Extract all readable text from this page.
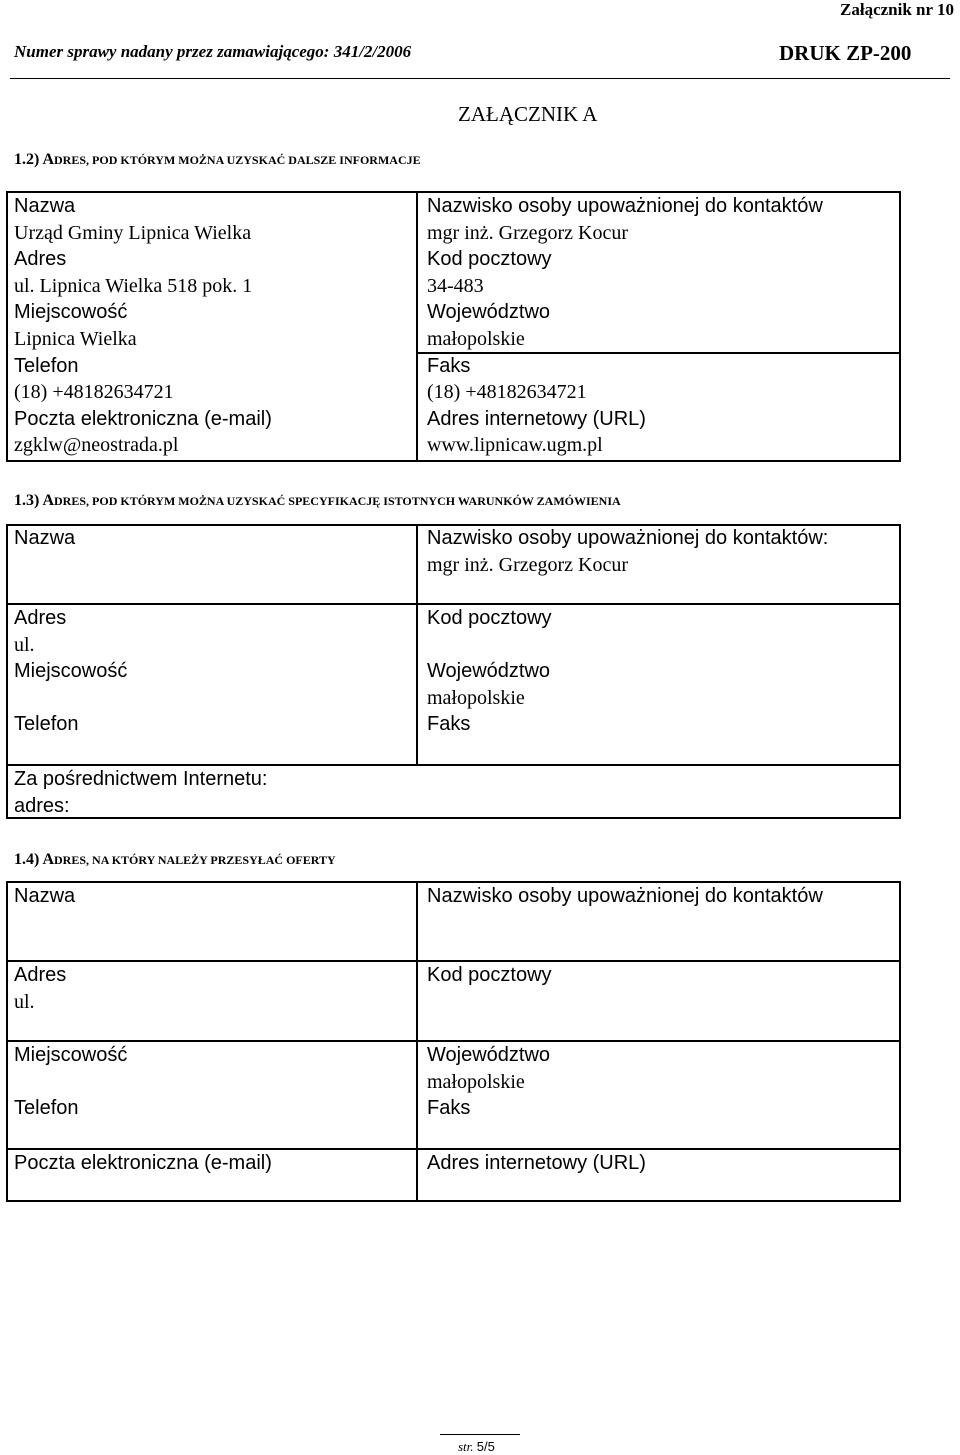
Załącznik nr 10
Numer sprawy nadany przez zamawiającego: 341/2/2006	DRUK ZP-200
ZAŁĄCZNIK A
1.2) ADRES, POD KTÓRYM MOŻNA UZYSKAĆ DALSZE INFORMACJE
Nazwa
Urząd Gminy Lipnica Wielka
Adres
ul. Lipnica Wielka 518 pok. 1
Miejscowość
Lipnica Wielka
Telefon
(18) +48182634721
Poczta elektroniczna (e-mail)
zgklw@neostrada.pl
Nazwisko osoby upoważnionej do kontaktów
mgr inż. Grzegorz Kocur
Kod pocztowy
34-483
Województwo
małopolskie
Faks
(18) +48182634721
Adres internetowy (URL)
www.lipnicaw.ugm.pl
1.3) ADRES, POD KTÓRYM MOŻNA UZYSKAĆ SPECYFIKACJĘ ISTOTNYCH WARUNKÓW ZAMÓWIENIA
Nazwa
Adres
ul.
Miejscowość
Telefon
Za pośrednictwem Internetu:
adres:
Nazwisko osoby upoważnionej do kontaktów:
mgr inż. Grzegorz Kocur
Kod pocztowy
Województwo
małopolskie
Faks
1.4) ADRES, NA KTÓRY NALEŻY PRZESYŁAĆ OFERTY
Nazwa
Adres
ul.
Miejscowość
Telefon
Poczta elektroniczna (e-mail)
Nazwisko osoby upoważnionej do kontaktów
Kod pocztowy
Województwo
małopolskie
Faks
Adres internetowy (URL)
str. 5/5
